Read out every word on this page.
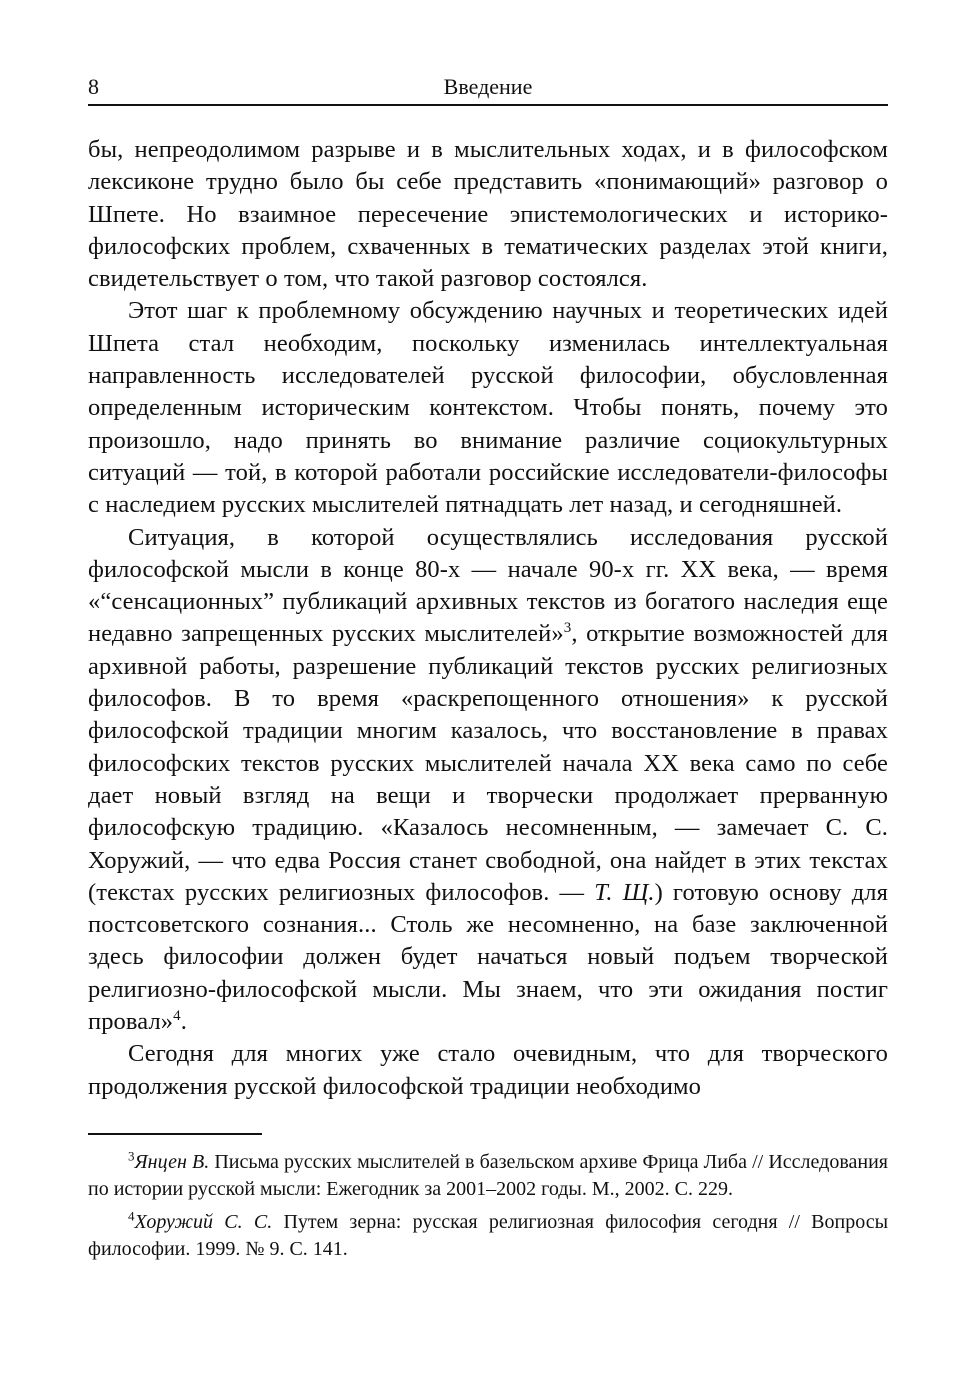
8	Введение

бы, непреодолимом разрыве и в мыслительных ходах, и в философском лексиконе трудно было бы себе представить «понимающий» разговор о Шпете. Но взаимное пересечение эпистемологических и историко-философских проблем, схваченных в тематических разделах этой книги, свидетельствует о том, что такой разговор состоялся.

Этот шаг к проблемному обсуждению научных и теоретических идей Шпета стал необходим, поскольку изменилась интеллектуальная направленность исследователей русской философии, обусловленная определенным историческим контекстом. Чтобы понять, почему это произошло, надо принять во внимание различие социокультурных ситуаций — той, в которой работали российские исследователи-философы с наследием русских мыслителей пятнадцать лет назад, и сегодняшней.

Ситуация, в которой осуществлялись исследования русской философской мысли в конце 80-х — начале 90-х гг. XX века, — время «“сенсационных” публикаций архивных текстов из богатого наследия еще недавно запрещенных русских мыслителей»$^3$, открытие возможностей для архивной работы, разрешение публикаций текстов русских религиозных философов. В то время «раскрепощенного отношения» к русской философской традиции многим казалось, что восстановление в правах философских текстов русских мыслителей начала XX века само по себе дает новый взгляд на вещи и творчески продолжает прерванную философскую традицию. «Казалось несомненным, — замечает С. С. Хоружий, — что едва Россия станет свободной, она найдет в этих текстах (текстах русских религиозных философов. — Т. Щ.) готовую основу для постсоветского сознания... Столь же несомненно, на базе заключенной здесь философии должен будет начаться новый подъем творческой религиозно-философской мысли. Мы знаем, что эти ожидания постиг провал»$^4$.

Сегодня для многих уже стало очевидным, что для творческого продолжения русской философской традиции необходимо

$^3$Янцен В. Письма русских мыслителей в базельском архиве Фрица Либа // Исследования по истории русской мысли: Ежегодник за 2001–2002 годы. М., 2002. С. 229.

$^4$Хоружий С. С. Путем зерна: русская религиозная философия сегодня // Вопросы философии. 1999. № 9. С. 141.
